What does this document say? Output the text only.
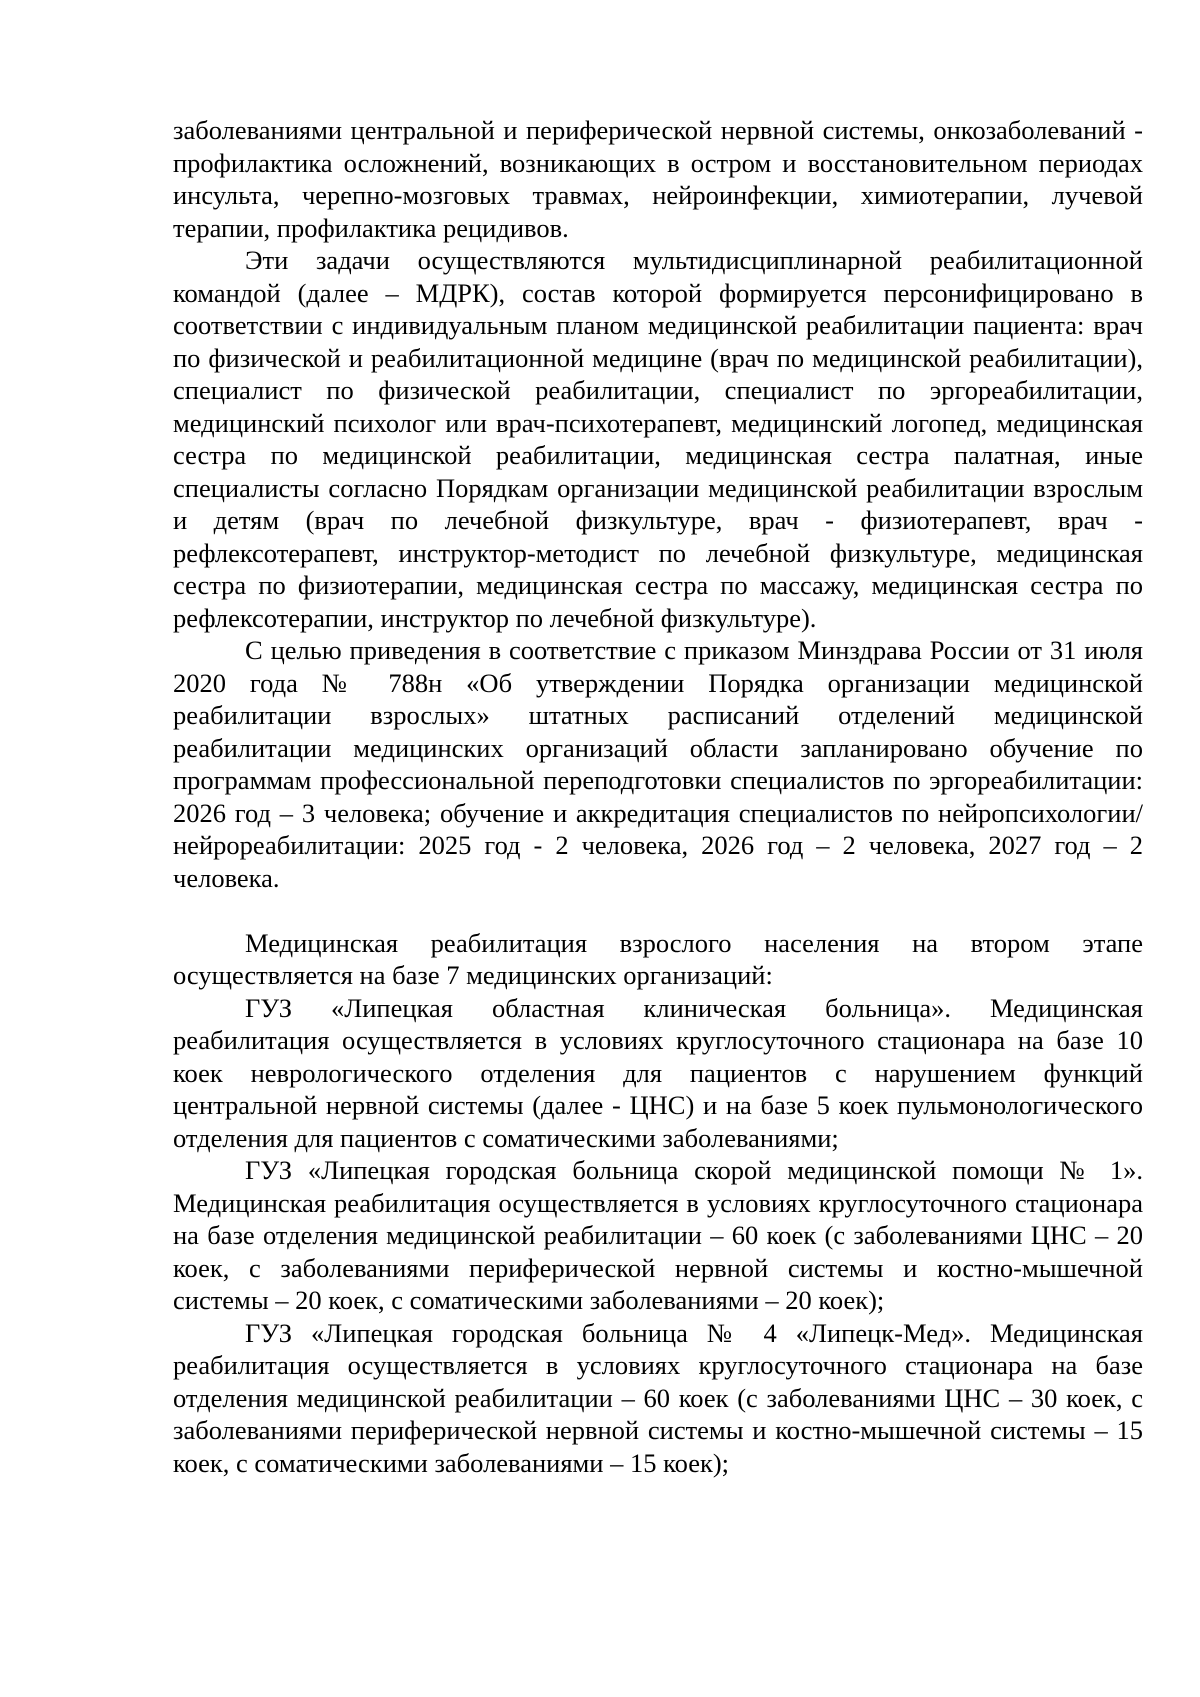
заболеваниями центральной и периферической нервной системы, онкозаболеваний - профилактика осложнений, возникающих в остром и восстановительном периодах инсульта, черепно-мозговых травмах, нейроинфекции, химиотерапии, лучевой терапии, профилактика рецидивов.

Эти задачи осуществляются мультидисциплинарной реабилитационной командой (далее – МДРК), состав которой формируется персонифицировано в соответствии с индивидуальным планом медицинской реабилитации пациента: врач по физической и реабилитационной медицине (врач по медицинской реабилитации), специалист по физической реабилитации, специалист по эргореабилитации, медицинский психолог или врач-психотерапевт, медицинский логопед, медицинская сестра по медицинской реабилитации, медицинская сестра палатная, иные специалисты согласно Порядкам организации медицинской реабилитации взрослым и детям (врач по лечебной физкультуре, врач - физиотерапевт, врач - рефлексотерапевт, инструктор-методист по лечебной физкультуре, медицинская сестра по физиотерапии, медицинская сестра по массажу, медицинская сестра по рефлексотерапии, инструктор по лечебной физкультуре).

С целью приведения в соответствие с приказом Минздрава России от 31 июля 2020 года № 788н «Об утверждении Порядка организации медицинской реабилитации взрослых» штатных расписаний отделений медицинской реабилитации медицинских организаций области запланировано обучение по программам профессиональной переподготовки специалистов по эргореабилитации: 2026 год – 3 человека; обучение и аккредитация специалистов по нейропсихологии/нейрореабилитации: 2025 год - 2 человека, 2026 год – 2 человека, 2027 год – 2 человека.

Медицинская реабилитация взрослого населения на втором этапе осуществляется на базе 7 медицинских организаций:

ГУЗ «Липецкая областная клиническая больница». Медицинская реабилитация осуществляется в условиях круглосуточного стационара на базе 10 коек неврологического отделения для пациентов с нарушением функций центральной нервной системы (далее - ЦНС) и на базе 5 коек пульмонологического отделения для пациентов с соматическими заболеваниями;

ГУЗ «Липецкая городская больница скорой медицинской помощи № 1». Медицинская реабилитация осуществляется в условиях круглосуточного стационара на базе отделения медицинской реабилитации – 60 коек (с заболеваниями ЦНС – 20 коек, с заболеваниями периферической нервной системы и костно-мышечной системы – 20 коек, с соматическими заболеваниями – 20 коек);

ГУЗ «Липецкая городская больница № 4 «Липецк-Мед». Медицинская реабилитация осуществляется в условиях круглосуточного стационара на базе отделения медицинской реабилитации – 60 коек (с заболеваниями ЦНС – 30 коек, с заболеваниями периферической нервной системы и костно-мышечной системы – 15 коек, с соматическими заболеваниями – 15 коек);
